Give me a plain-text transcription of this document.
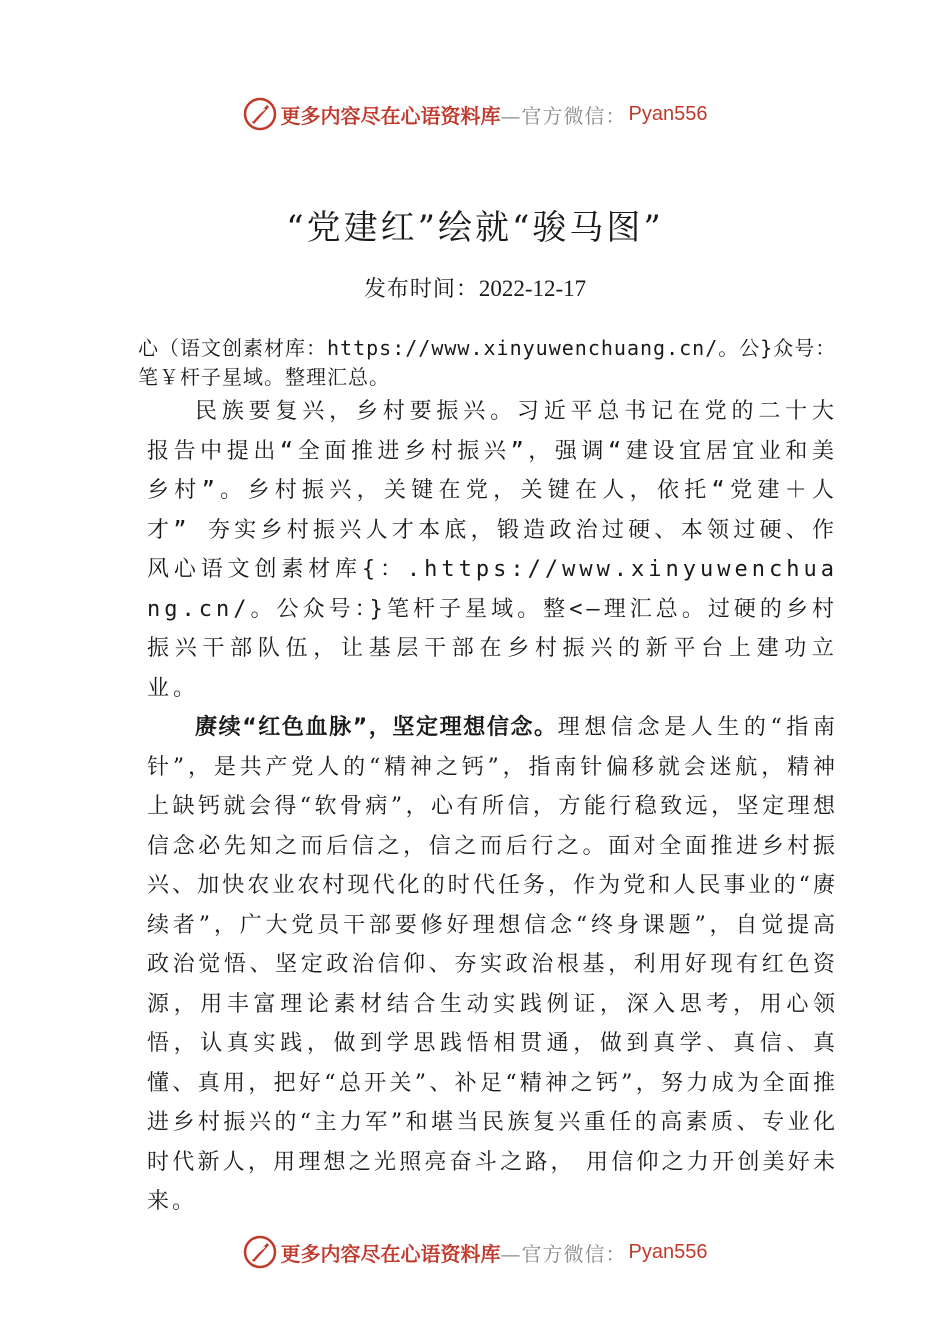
更多内容尽在心语资料库 —官方微信： Pyan556
“党建红”绘就“骏马图”
发布时间：2022-12-17

心（语文创素材库：https://www.xinyuwenchuang.cn/。公}众号：笔￥杆子星域。整理汇总。

民族要复兴，乡村要振兴。习近平总书记在党的二十大报告中提出“全面推进乡村振兴”，强调“建设宜居宜业和美乡村”。乡村振兴，关键在党，关键在人，依托“党建＋人才” 夯实乡村振兴人才本底，锻造政治过硬、本领过硬、作风心语文创素材库{：.https://www.xinyuwenchuang.cn/。公众号：}笔杆子星域。整<—理汇总。过硬的乡村振兴干部队伍，让基层干部在乡村振兴的新平台上建功立业。

赓续“红色血脉”，坚定理想信念。理想信念是人生的“指南针”，是共产党人的“精神之钙”，指南针偏移就会迷航，精神上缺钙就会得“软骨病”，心有所信，方能行稳致远，坚定理想信念必先知之而后信之，信之而后行之。面对全面推进乡村振兴、加快农业农村现代化的时代任务，作为党和人民事业的“赓续者”，广大党员干部要修好理想信念“终身课题”，自觉提高政治觉悟、坚定政治信仰、夯实政治根基，利用好现有红色资源，用丰富理论素材结合生动实践例证，深入思考，用心领悟，认真实践，做到学思践悟相贯通，做到真学、真信、真懂、真用，把好“总开关”、补足“精神之钙”，努力成为全面推进乡村振兴的“主力军”和堪当民族复兴重任的高素质、专业化时代新人，用理想之光照亮奋斗之路， 用信仰之力开创美好未来。

更多内容尽在心语资料库 —官方微信： Pyan556
